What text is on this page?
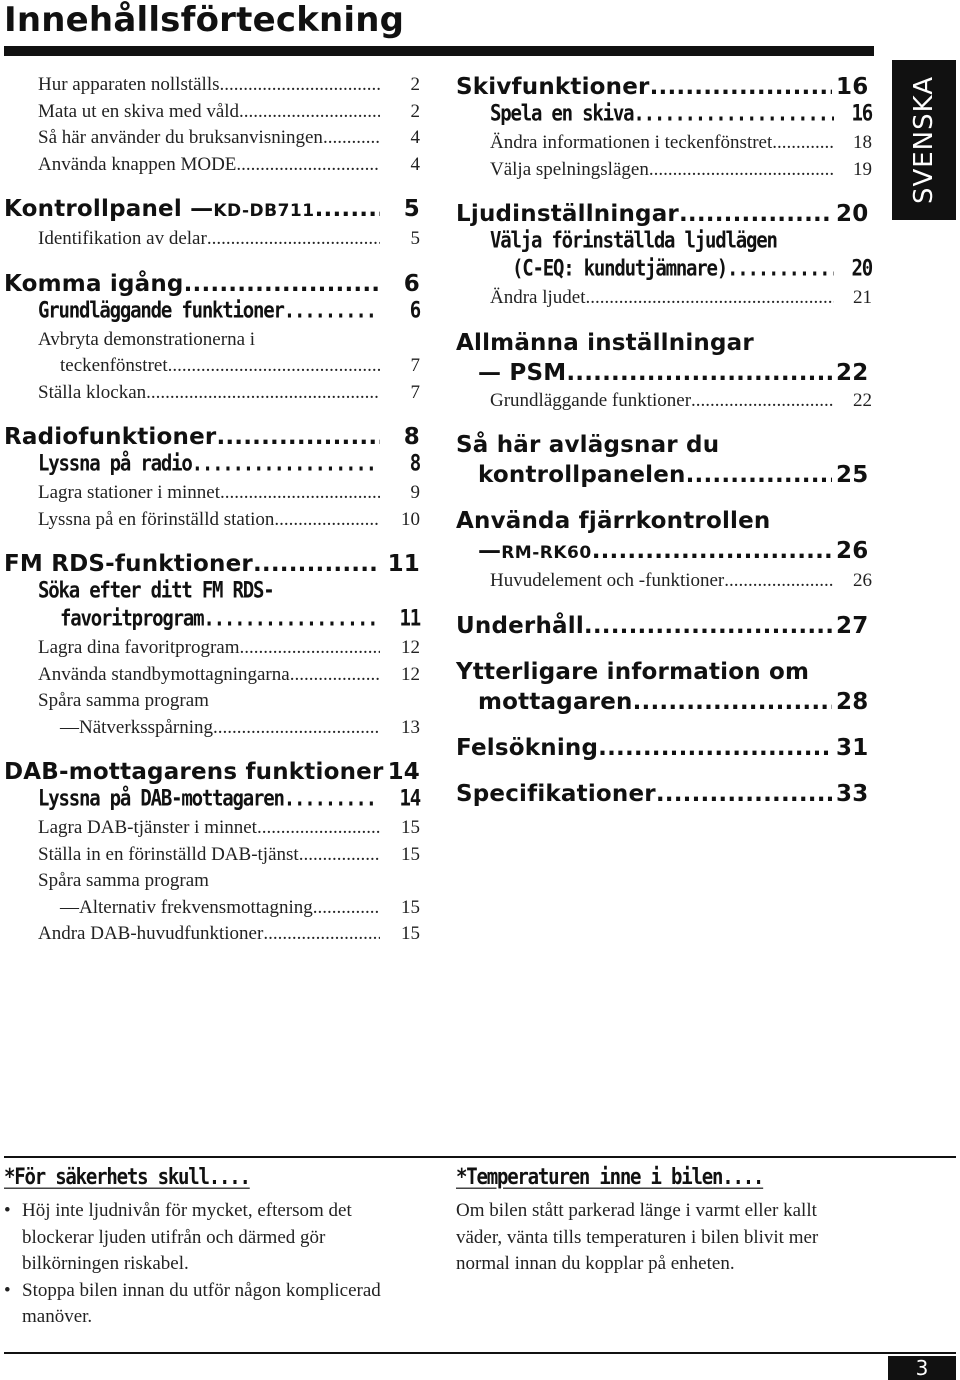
Innehållsförteckning
SVENSKA
Hur apparaten nollställs .....	2
Mata ut en skiva med våld .....	2
Så här använder du bruksanvisningen .....	4
Använda knappen MODE .....	4
Kontrollpanel — KD-DB711 .....	5
Identifikation av delar .....	5
Komma igång .....	6
Grundläggande funktioner .....	6
Avbryta demonstrationerna i
teckenfönstret .....	7
Ställa klockan .....	7
Radiofunktioner .....	8
Lyssna på radio .....	8
Lagra stationer i minnet .....	9
Lyssna på en förinställd station .....	10
FM RDS-funktioner .....	11
Söka efter ditt FM RDS-
favoritprogram .....	11
Lagra dina favoritprogram .....	12
Använda standbymottagningarna .....	12
Spåra samma program
—Nätverksspårning .....	13
DAB-mottagarens funktioner 14
Lyssna på DAB-mottagaren .....	14
Lagra DAB-tjänster i minnet .....	15
Ställa in en förinställd DAB-tjänst .....	15
Spåra samma program
—Alternativ frekvensmottagning .....	15
Andra DAB-huvudfunktioner .....	15
Skivfunktioner .....	16
Spela en skiva .....	16
Ändra informationen i teckenfönstret .....	18
Välja spelningslägen .....	19
Ljudinställningar .....	20
Välja förinställda ljudlägen
(C-EQ: kundutjämnare) .....	20
Ändra ljudet .....	21
Allmänna inställningar
— PSM .....	22
Grundläggande funktioner .....	22
Så här avlägsnar du
kontrollpanelen .....	25
Använda fjärrkontrollen
— RM-RK60 .....	26
Huvudelement och -funktioner .....	26
Underhåll .....	27
Ytterligare information om
mottagaren .....	28
Felsökning .....	31
Specifikationer .....	33
*För säkerhets skull....
• Höj inte ljudnivån för mycket, eftersom det blockerar ljuden utifrån och därmed gör bilkörningen riskabel.
• Stoppa bilen innan du utför någon komplicerad manöver.
*Temperaturen inne i bilen....
Om bilen stått parkerad länge i varmt eller kallt väder, vänta tills temperaturen i bilen blivit mer normal innan du kopplar på enheten.
3
